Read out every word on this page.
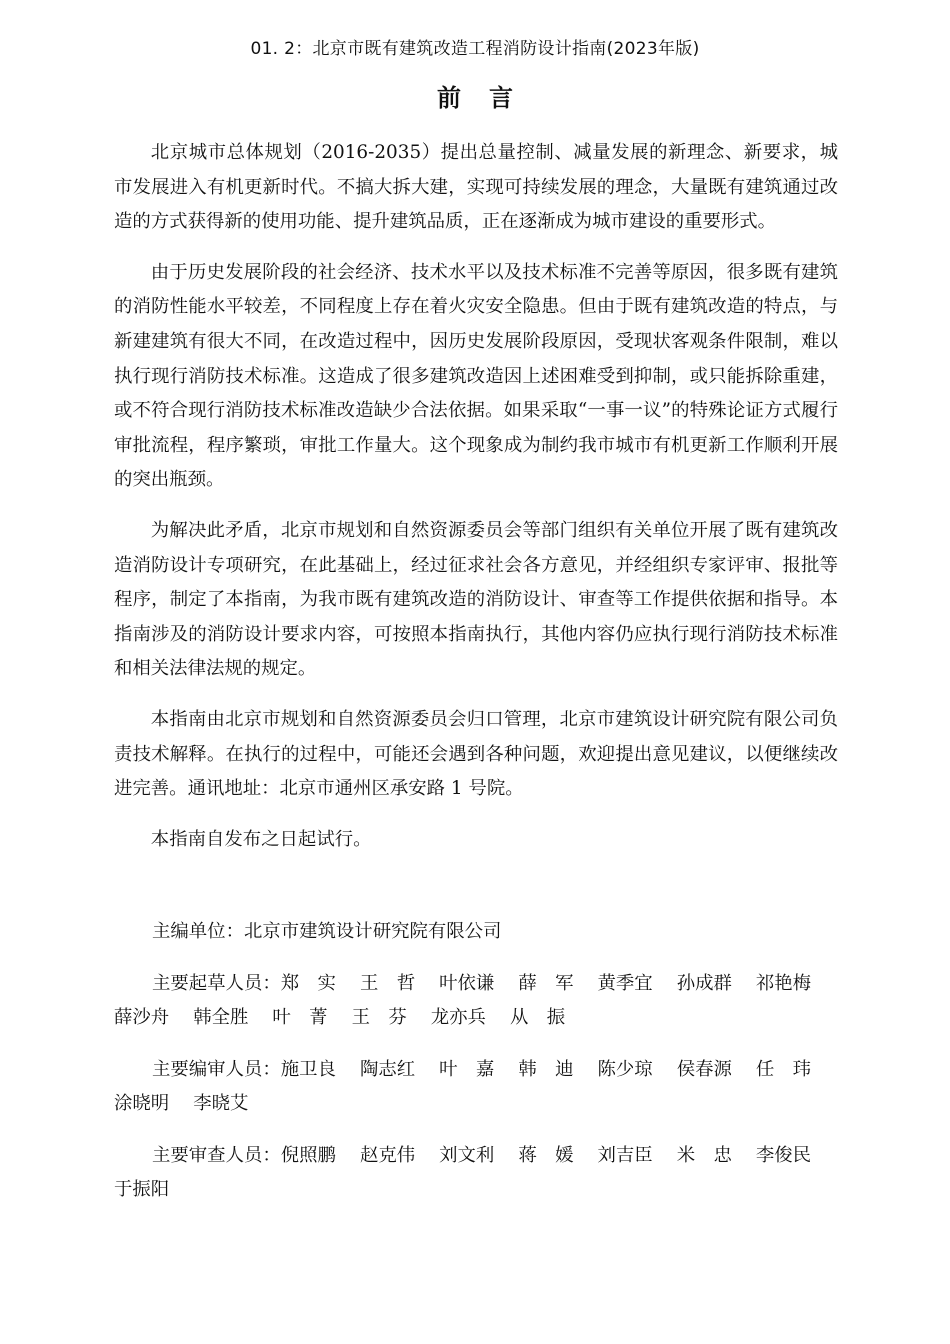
01. 2：北京市既有建筑改造工程消防设计指南(2023年版)
前言

北京城市总体规划（2016-2035）提出总量控制、减量发展的新理念、新要求，城市发展进入有机更新时代。不搞大拆大建，实现可持续发展的理念，大量既有建筑通过改造的方式获得新的使用功能、提升建筑品质，正在逐渐成为城市建设的重要形式。

由于历史发展阶段的社会经济、技术水平以及技术标准不完善等原因，很多既有建筑的消防性能水平较差，不同程度上存在着火灾安全隐患。但由于既有建筑改造的特点，与新建建筑有很大不同，在改造过程中，因历史发展阶段原因，受现状客观条件限制，难以执行现行消防技术标准。这造成了很多建筑改造因上述困难受到抑制，或只能拆除重建，或不符合现行消防技术标准改造缺少合法依据。如果采取“一事一议”的特殊论证方式履行审批流程，程序繁琐，审批工作量大。这个现象成为制约我市城市有机更新工作顺利开展的突出瓶颈。

为解决此矛盾，北京市规划和自然资源委员会等部门组织有关单位开展了既有建筑改造消防设计专项研究，在此基础上，经过征求社会各方意见，并经组织专家评审、报批等程序，制定了本指南，为我市既有建筑改造的消防设计、审查等工作提供依据和指导。本指南涉及的消防设计要求内容，可按照本指南执行，其他内容仍应执行现行消防技术标准和相关法律法规的规定。

本指南由北京市规划和自然资源委员会归口管理，北京市建筑设计研究院有限公司负责技术解释。在执行的过程中，可能还会遇到各种问题，欢迎提出意见建议，以便继续改进完善。通讯地址：北京市通州区承安路 1 号院。

本指南自发布之日起试行。

主编单位：北京市建筑设计研究院有限公司
主要起草人员：郑　实 王　哲 叶依谦 薛　军 黄季宜 孙成群 祁艳梅
薛沙舟 韩全胜 叶　菁 王　芬 龙亦兵 从　振
主要编审人员：施卫良 陶志红 叶　嘉 韩　迪 陈少琼 侯春源 任　玮
涂晓明 李晓艾
主要审查人员：倪照鹏 赵克伟 刘文利 蒋　媛 刘吉臣 米　忠 李俊民
于振阳
